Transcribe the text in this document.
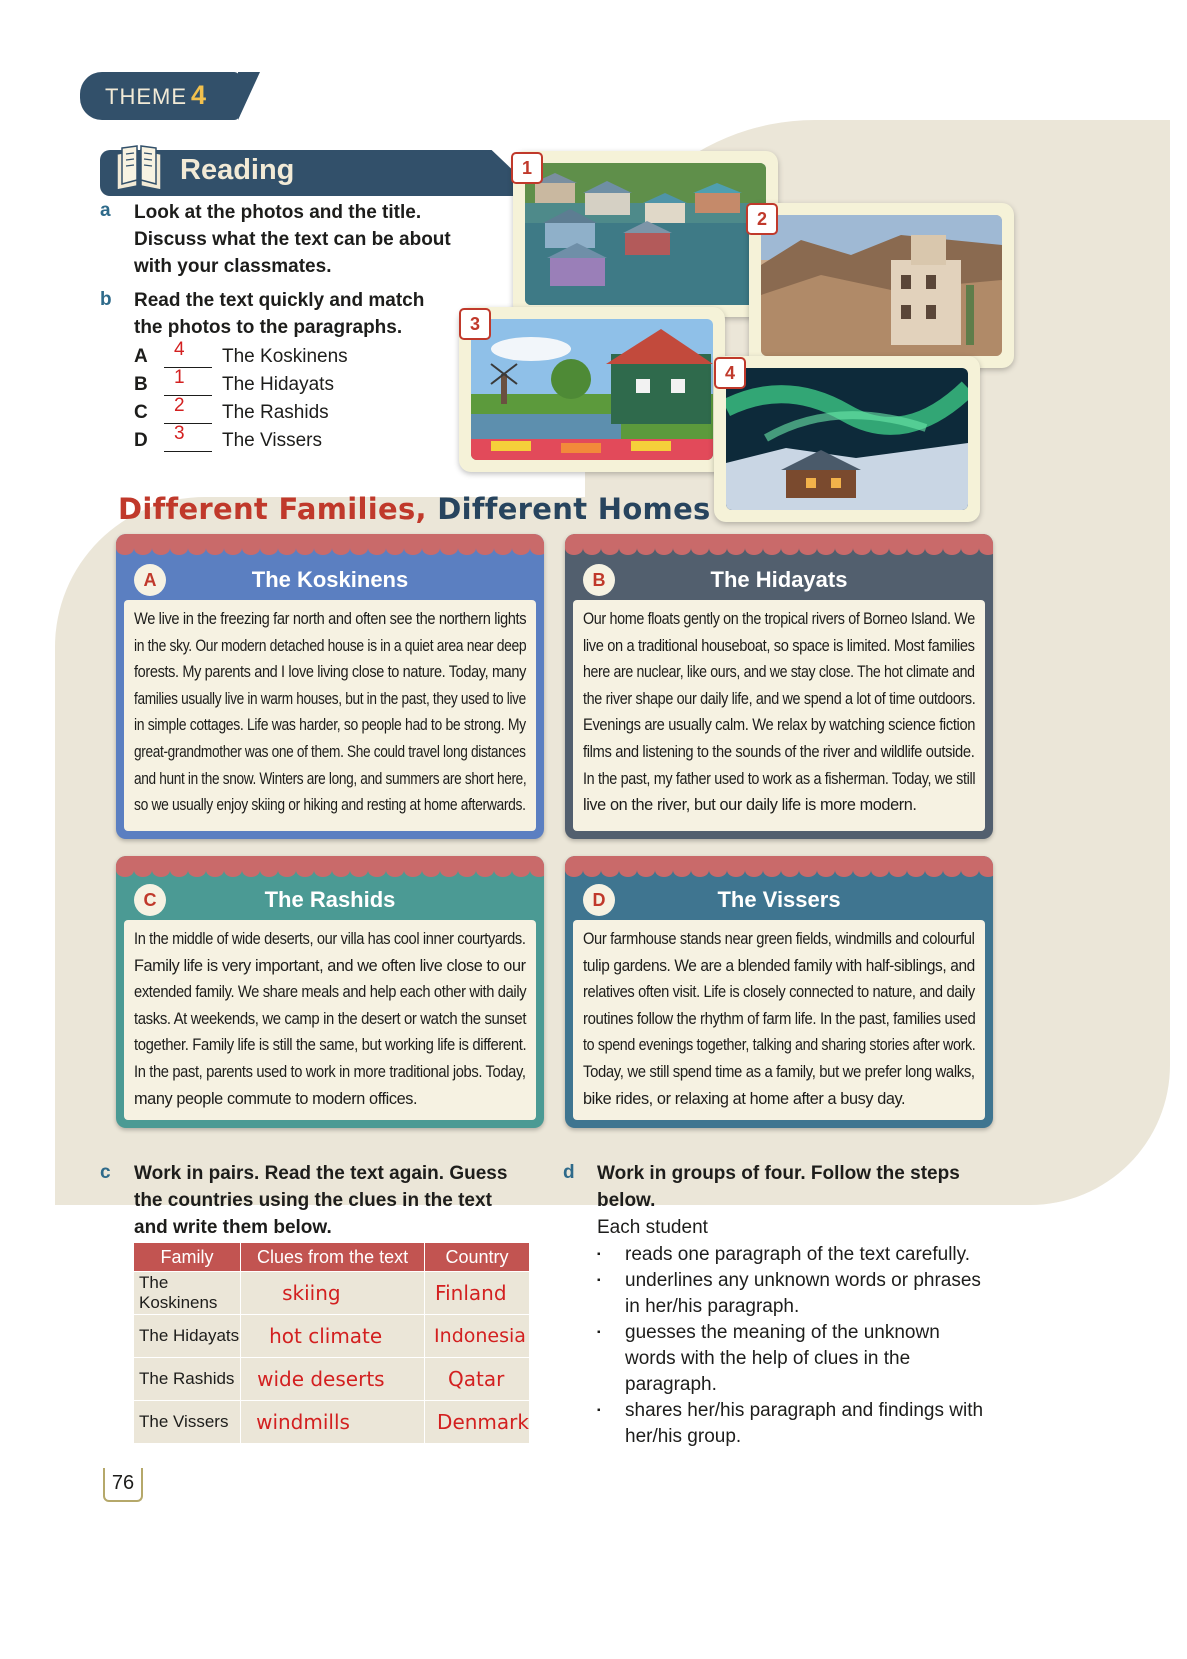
THEME 4
Reading
a Look at the photos and the title.
Discuss what the text can be about
with your classmates.
b Read the text quickly and match
the photos to the paragraphs.
A	4 The Koskinens
B	1 The Hidayats
C	2 The Rashids
D	3 The Vissers
1
2
3
4
Different Families, Different Homes
A	The Koskinens
We live in the freezing far north and often see the northern lights
in the sky. Our modern detached house is in a quiet area near deep
forests. My parents and I love living close to nature. Today, many
families usually live in warm houses, but in the past, they used to live
in simple cottages. Life was harder, so people had to be strong. My
great-grandmother was one of them. She could travel long distances
and hunt in the snow. Winters are long, and summers are short here,
so we usually enjoy skiing or hiking and resting at home afterwards.
B	The Hidayats
Our home floats gently on the tropical rivers of Borneo Island. We
live on a traditional houseboat, so space is limited. Most families
here are nuclear, like ours, and we stay close. The hot climate and
the river shape our daily life, and we spend a lot of time outdoors.
Evenings are usually calm. We relax by watching science fiction
films and listening to the sounds of the river and wildlife outside.
In the past, my father used to work as a fisherman. Today, we still
live on the river, but our daily life is more modern.
C	The Rashids
In the middle of wide deserts, our villa has cool inner courtyards.
Family life is very important, and we often live close to our
extended family. We share meals and help each other with daily
tasks. At weekends, we camp in the desert or watch the sunset
together. Family life is still the same, but working life is different.
In the past, parents used to work in more traditional jobs. Today,
many people commute to modern offices.
D	The Vissers
Our farmhouse stands near green fields, windmills and colourful
tulip gardens. We are a blended family with half-siblings, and
relatives often visit. Life is closely connected to nature, and daily
routines follow the rhythm of farm life. In the past, families used
to spend evenings together, talking and sharing stories after work.
Today, we still spend time as a family, but we prefer long walks,
bike rides, or relaxing at home after a busy day.
c Work in pairs. Read the text again. Guess
the countries using the clues in the text
and write them below.
Family	Clues from the text	Country
The Koskinens	skiing	Finland
The Hidayats	hot climate	Indonesia
The Rashids	wide deserts	Qatar
The Vissers	windmills	Denmark
d Work in groups of four. Follow the steps
below.
Each student
▪ reads one paragraph of the text carefully.
▪ underlines any unknown words or phrases
in her/his paragraph.
▪ guesses the meaning of the unknown
words with the help of clues in the
paragraph.
▪ shares her/his paragraph and findings with
her/his group.
76
